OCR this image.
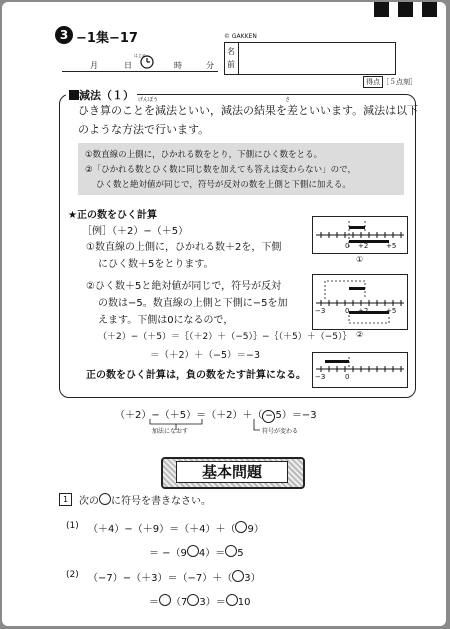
3 −1集−17
月	日
はじめ
時	分
© GAKKEN
名
前
得点 ［５点刻］
減法（１） げんぽう	さ
ひき算のことを減法といい，減法の結果を差といいます。減法は以下
のような方法で行います。
①数直線の上側に，ひかれる数をとり，下側にひく数をとる。
②「ひかれる数とひく数に同じ数を加えても答えは変わらない」ので，
ひく数と絶対値が同じで，符号が反対の数を上側と下側に加える。
★正の数をひく計算
［例］（＋2）−（＋5）
①数直線の上側に，ひかれる数＋2を，下側
にひく数＋5をとります。
②ひく数＋5と絶対値が同じで，符号が反対
の数は−5。数直線の上側と下側に−5を加
えます。下側は0になるので，
（＋2）−（＋5）＝｛（＋2）＋（−5）｝−｛（＋5）＋（−5）｝
＝（＋2）＋（−5）＝−3
正の数をひく計算は，負の数をたす計算になる。
0 +2	+5
①
−3	0 +2	+5
②
−3	0
（＋2）−（＋5）＝（＋2）＋（ − 5）＝−3
加法になおす	符号が変わる
基本問題
1	次の に符号を書きなさい。
(1) （＋4）−（＋9）＝（＋4）＋（ 9）
＝ −（9 4）＝ 5
(2) （−7）−（＋3）＝（−7）＋（ 3）
＝ （7 3）＝ 10
